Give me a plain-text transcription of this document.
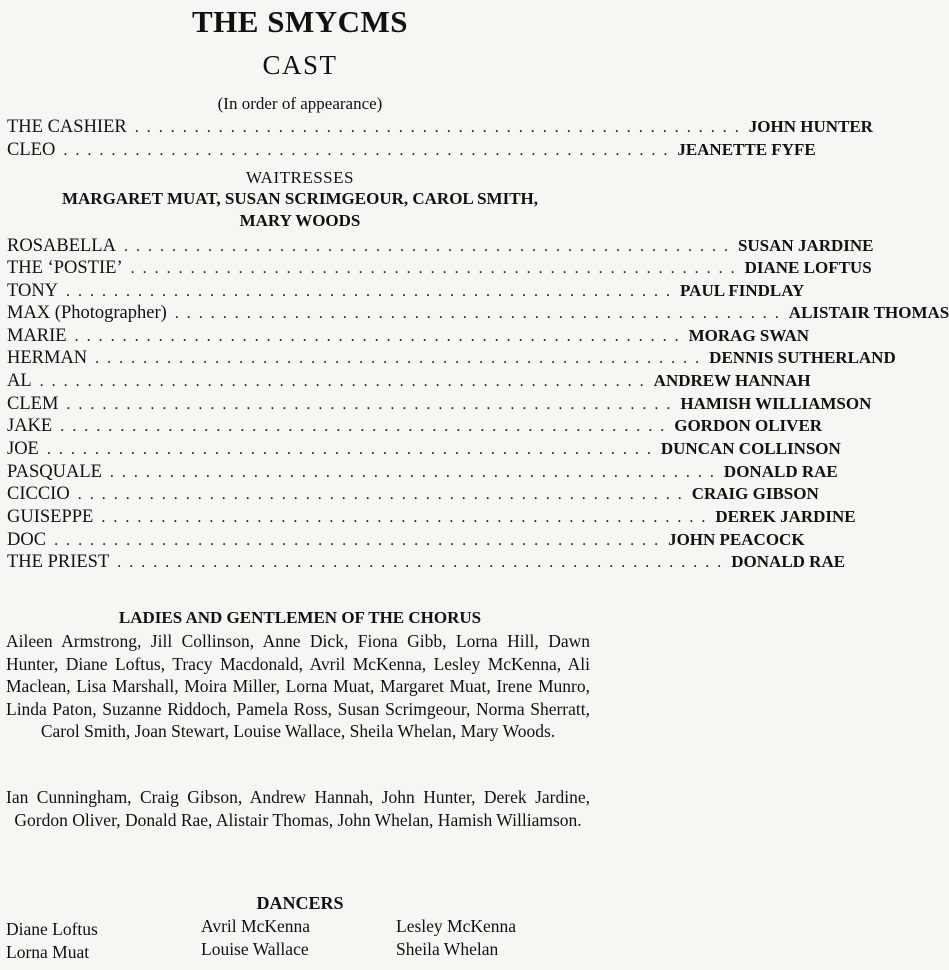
THE SMYCMS
CAST
(In order of appearance)
THE CASHIER . . . . . . . . . . . . . . . . . . . . . . . . . . . . . . . . . . . . . . . . . . . . . . . . . . . JOHN HUNTER
CLEO . . . . . . . . . . . . . . . . . . . . . . . . . . . . . . . . . . . . . . . . . . . . . . . . . . . JEANETTE FYFE
WAITRESSES
MARGARET MUAT, SUSAN SCRIMGEOUR, CAROL SMITH,
MARY WOODS
ROSABELLA . . . . . . . . . . . . . . . . . . . . . . . . . . . . . . . . . . . . . . . . . . . . . . . . . . . SUSAN JARDINE
THE ‘POSTIE’ . . . . . . . . . . . . . . . . . . . . . . . . . . . . . . . . . . . . . . . . . . . . . . . . . . . DIANE LOFTUS
TONY . . . . . . . . . . . . . . . . . . . . . . . . . . . . . . . . . . . . . . . . . . . . . . . . . . . PAUL FINDLAY
MAX (Photographer) . . . . . . . . . . . . . . . . . . . . . . . . . . . . . . . . . . . . . . . . . . . . . . . . . . . ALISTAIR THOMAS
MARIE . . . . . . . . . . . . . . . . . . . . . . . . . . . . . . . . . . . . . . . . . . . . . . . . . . . MORAG SWAN
HERMAN . . . . . . . . . . . . . . . . . . . . . . . . . . . . . . . . . . . . . . . . . . . . . . . . . . . DENNIS SUTHERLAND
AL . . . . . . . . . . . . . . . . . . . . . . . . . . . . . . . . . . . . . . . . . . . . . . . . . . . ANDREW HANNAH
CLEM . . . . . . . . . . . . . . . . . . . . . . . . . . . . . . . . . . . . . . . . . . . . . . . . . . . HAMISH WILLIAMSON
JAKE . . . . . . . . . . . . . . . . . . . . . . . . . . . . . . . . . . . . . . . . . . . . . . . . . . . GORDON OLIVER
JOE . . . . . . . . . . . . . . . . . . . . . . . . . . . . . . . . . . . . . . . . . . . . . . . . . . . DUNCAN COLLINSON
PASQUALE . . . . . . . . . . . . . . . . . . . . . . . . . . . . . . . . . . . . . . . . . . . . . . . . . . . DONALD RAE
CICCIO . . . . . . . . . . . . . . . . . . . . . . . . . . . . . . . . . . . . . . . . . . . . . . . . . . . CRAIG GIBSON
GUISEPPE . . . . . . . . . . . . . . . . . . . . . . . . . . . . . . . . . . . . . . . . . . . . . . . . . . . DEREK JARDINE
DOC . . . . . . . . . . . . . . . . . . . . . . . . . . . . . . . . . . . . . . . . . . . . . . . . . . . JOHN PEACOCK
THE PRIEST . . . . . . . . . . . . . . . . . . . . . . . . . . . . . . . . . . . . . . . . . . . . . . . . . . . DONALD RAE
LADIES AND GENTLEMEN OF THE CHORUS

Aileen Armstrong, Jill Collinson, Anne Dick, Fiona Gibb, Lorna Hill, Dawn Hunter, Diane Loftus, Tracy Macdonald, Avril McKenna, Lesley McKenna, Ali Maclean, Lisa Marshall, Moira Miller, Lorna Muat, Margaret Muat, Irene Munro, Linda Paton, Suzanne Riddoch, Pamela Ross, Susan Scrimgeour, Norma Sherratt, Carol Smith, Joan Stewart, Louise Wallace, Sheila Whelan, Mary Woods.

Ian Cunningham, Craig Gibson, Andrew Hannah, John Hunter, Derek Jardine, Gordon Oliver, Donald Rae, Alistair Thomas, John Whelan, Hamish Williamson.

DANCERS
Diane Loftus	Avril McKenna	Lesley McKenna
Lorna Muat	Louise Wallace	Sheila Whelan
